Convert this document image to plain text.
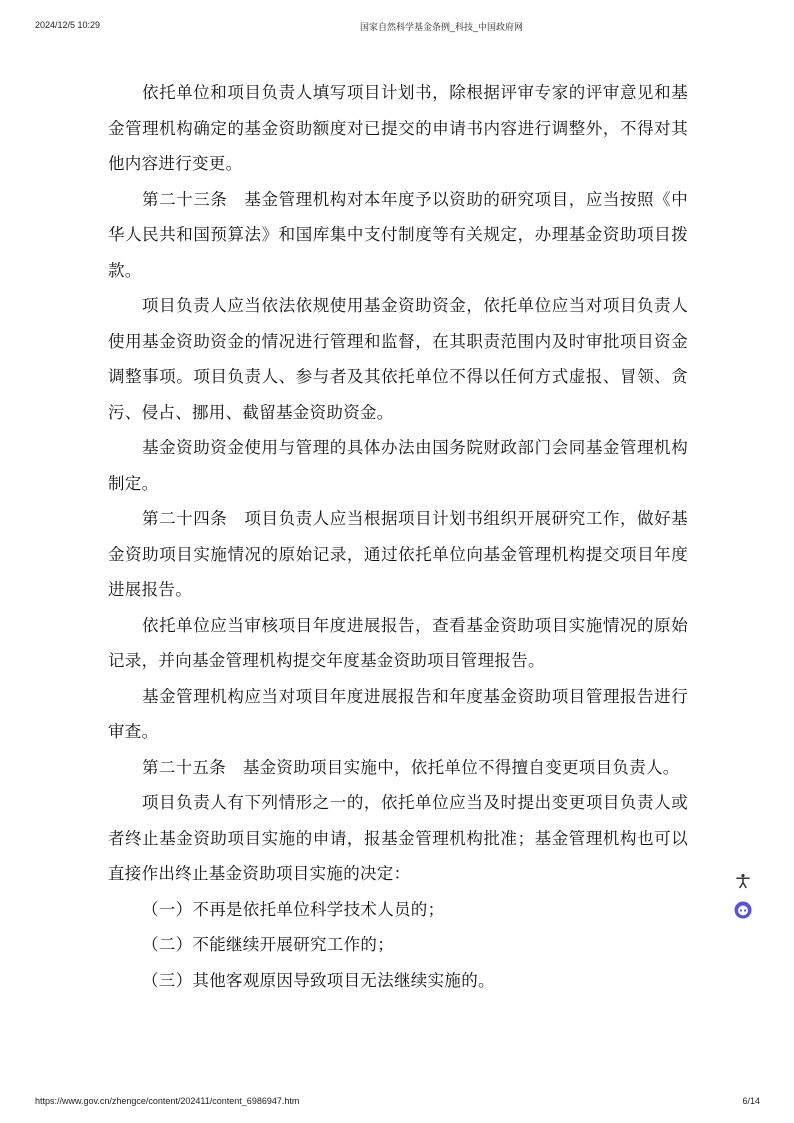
2024/12/5 10:29	国家自然科学基金条例_科技_中国政府网

依托单位和项目负责人填写项目计划书，除根据评审专家的评审意见和基金管理机构确定的基金资助额度对已提交的申请书内容进行调整外，不得对其他内容进行变更。

第二十三条　基金管理机构对本年度予以资助的研究项目，应当按照《中华人民共和国预算法》和国库集中支付制度等有关规定，办理基金资助项目拨款。

项目负责人应当依法依规使用基金资助资金，依托单位应当对项目负责人使用基金资助资金的情况进行管理和监督，在其职责范围内及时审批项目资金调整事项。项目负责人、参与者及其依托单位不得以任何方式虚报、冒领、贪污、侵占、挪用、截留基金资助资金。

基金资助资金使用与管理的具体办法由国务院财政部门会同基金管理机构制定。

第二十四条　项目负责人应当根据项目计划书组织开展研究工作，做好基金资助项目实施情况的原始记录，通过依托单位向基金管理机构提交项目年度进展报告。

依托单位应当审核项目年度进展报告，查看基金资助项目实施情况的原始记录，并向基金管理机构提交年度基金资助项目管理报告。

基金管理机构应当对项目年度进展报告和年度基金资助项目管理报告进行审查。

第二十五条　基金资助项目实施中，依托单位不得擅自变更项目负责人。

项目负责人有下列情形之一的，依托单位应当及时提出变更项目负责人或者终止基金资助项目实施的申请，报基金管理机构批准；基金管理机构也可以直接作出终止基金资助项目实施的决定：

（一）不再是依托单位科学技术人员的；

（二）不能继续开展研究工作的；

（三）其他客观原因导致项目无法继续实施的。

https://www.gov.cn/zhengce/content/202411/content_6986947.htm	6/14
